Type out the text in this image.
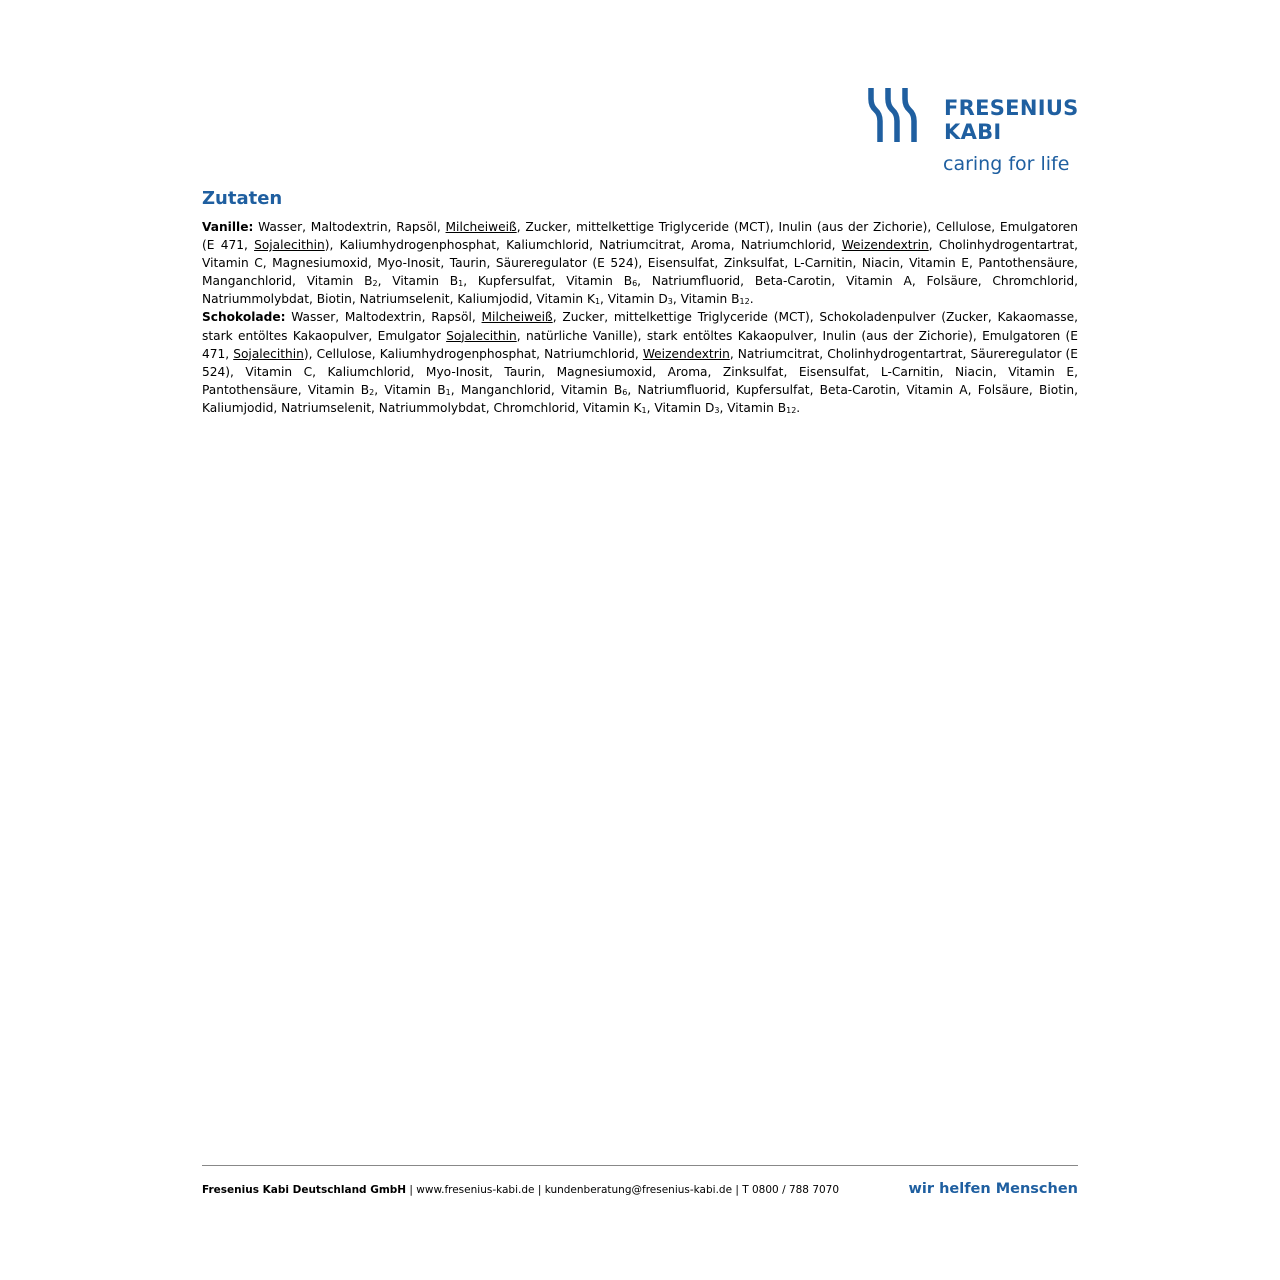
FRESENIUS
KABI
caring for life
Zutaten

Vanille: Wasser, Maltodextrin, Rapsöl, Milcheiweiß, Zucker, mittelkettige Triglyceride (MCT), Inulin (aus der Zichorie), Cellulose, Emulgatoren (E 471, Sojalecithin), Kaliumhydrogenphosphat, Kaliumchlorid, Natriumcitrat, Aroma, Natriumchlorid, Weizendextrin, Cholinhydrogentartrat, Vitamin C, Magnesiumoxid, Myo-Inosit, Taurin, Säureregulator (E 524), Eisensulfat, Zinksulfat, L-Carnitin, Niacin, Vitamin E, Pantothensäure, Manganchlorid, Vitamin $B_2$, Vitamin $B_1$, Kupfersulfat, Vitamin $B_6$, Natriumfluorid, Beta-Carotin, Vitamin A, Folsäure, Chromchlorid, Natriummolybdat, Biotin, Natriumselenit, Kaliumjodid, Vitamin $K_1$, Vitamin $D_3$, Vitamin $B_{12}$.

Schokolade: Wasser, Maltodextrin, Rapsöl, Milcheiweiß, Zucker, mittelkettige Triglyceride (MCT), Schokoladenpulver (Zucker, Kakaomasse, stark entöltes Kakaopulver, Emulgator Sojalecithin, natürliche Vanille), stark entöltes Kakaopulver, Inulin (aus der Zichorie), Emulgatoren (E 471, Sojalecithin), Cellulose, Kaliumhydrogenphosphat, Natriumchlorid, Weizendextrin, Natriumcitrat, Cholinhydrogentartrat, Säureregulator (E 524), Vitamin C, Kaliumchlorid, Myo-Inosit, Taurin, Magnesiumoxid, Aroma, Zinksulfat, Eisensulfat, L-Carnitin, Niacin, Vitamin E, Pantothensäure, Vitamin $B_2$, Vitamin $B_1$, Manganchlorid, Vitamin $B_6$, Natriumfluorid, Kupfersulfat, Beta-Carotin, Vitamin A, Folsäure, Biotin, Kaliumjodid, Natriumselenit, Natriummolybdat, Chromchlorid, Vitamin $K_1$, Vitamin $D_3$, Vitamin $B_{12}$.

Fresenius Kabi Deutschland GmbH | www.fresenius-kabi.de | kundenberatung@fresenius-kabi.de | T 0800 / 788 7070	wir helfen Menschen
